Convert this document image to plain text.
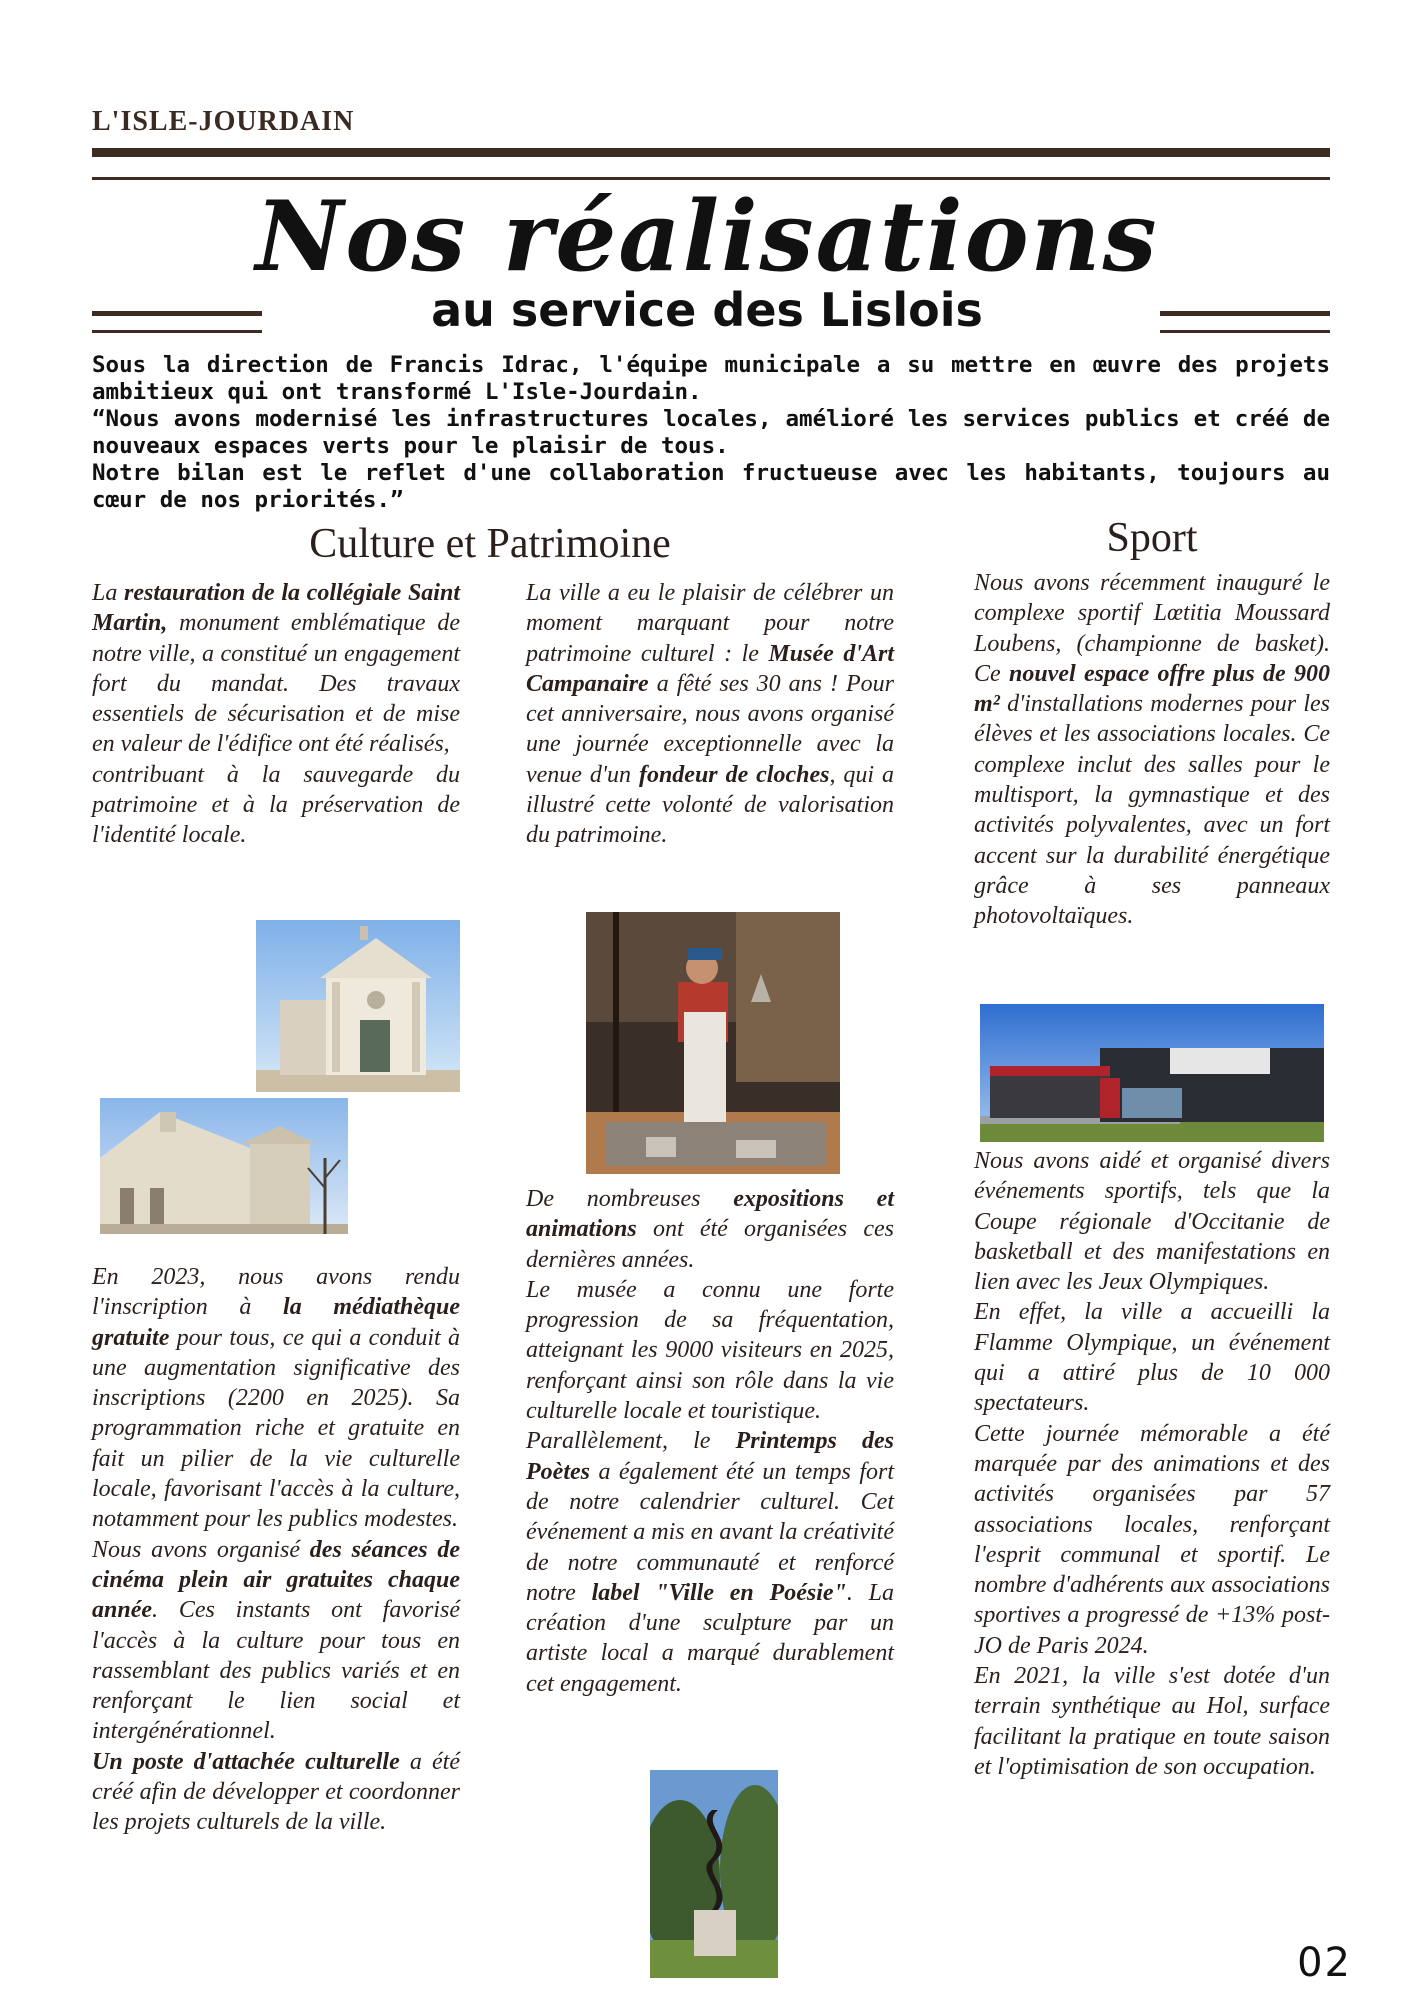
L'ISLE-JOURDAIN
Nos réalisations
au service des Lislois

Sous la direction de Francis Idrac, l'équipe municipale a su mettre en œuvre des projets ambitieux qui ont transformé L'Isle-Jourdain.

“Nous avons modernisé les infrastructures locales, amélioré les services publics et créé de nouveaux espaces verts pour le plaisir de tous.

Notre bilan est le reflet d'une collaboration fructueuse avec les habitants, toujours au cœur de nos priorités.”

Culture et Patrimoine	Sport

La restauration de la collégiale Saint Martin, monument emblématique de notre ville, a constitué un engagement fort du mandat. Des travaux essentiels de sécurisation et de mise en valeur de l'édifice ont été réalisés,

contribuant à la sauvegarde du patrimoine et à la préservation de l'identité locale.

En 2023, nous avons rendu l'inscription à la médiathèque gratuite pour tous, ce qui a conduit à une augmentation significative des inscriptions (2200 en 2025). Sa programmation riche et gratuite en fait un pilier de la vie culturelle locale, favorisant l'accès à la culture, notamment pour les publics modestes.

Nous avons organisé des séances de cinéma plein air gratuites chaque année. Ces instants ont favorisé l'accès à la culture pour tous en rassemblant des publics variés et en renforçant le lien social et intergénérationnel.

Un poste d'attachée culturelle a été créé afin de développer et coordonner les projets culturels de la ville.

La ville a eu le plaisir de célébrer un moment marquant pour notre patrimoine culturel : le Musée d'Art Campanaire a fêté ses 30 ans ! Pour cet anniversaire, nous avons organisé une journée exceptionnelle avec la venue d'un fondeur de cloches, qui a illustré cette volonté de valorisation du patrimoine.

De nombreuses expositions et animations ont été organisées ces dernières années.

Le musée a connu une forte progression de sa fréquentation, atteignant les 9000 visiteurs en 2025, renforçant ainsi son rôle dans la vie culturelle locale et touristique.

Parallèlement, le Printemps des Poètes a également été un temps fort de notre calendrier culturel. Cet événement a mis en avant la créativité de notre communauté et renforcé notre label "Ville en Poésie". La création d'une sculpture par un artiste local a marqué durablement cet engagement.

Nous avons récemment inauguré le complexe sportif Lœtitia Moussard Loubens, (championne de basket). Ce nouvel espace offre plus de 900 m² d'installations modernes pour les élèves et les associations locales. Ce complexe inclut des salles pour le multisport, la gymnastique et des activités polyvalentes, avec un fort accent sur la durabilité énergétique grâce à ses panneaux photovoltaïques.

Nous avons aidé et organisé divers événements sportifs, tels que la Coupe régionale d'Occitanie de basketball et des manifestations en lien avec les Jeux Olympiques.

En effet, la ville a accueilli la Flamme Olympique, un événement qui a attiré plus de 10 000 spectateurs.

Cette journée mémorable a été marquée par des animations et des activités organisées par 57 associations locales, renforçant l'esprit communal et sportif. Le nombre d'adhérents aux associations sportives a progressé de +13% post-JO de Paris 2024.

En 2021, la ville s'est dotée d'un terrain synthétique au Hol, surface facilitant la pratique en toute saison et l'optimisation de son occupation.

02
